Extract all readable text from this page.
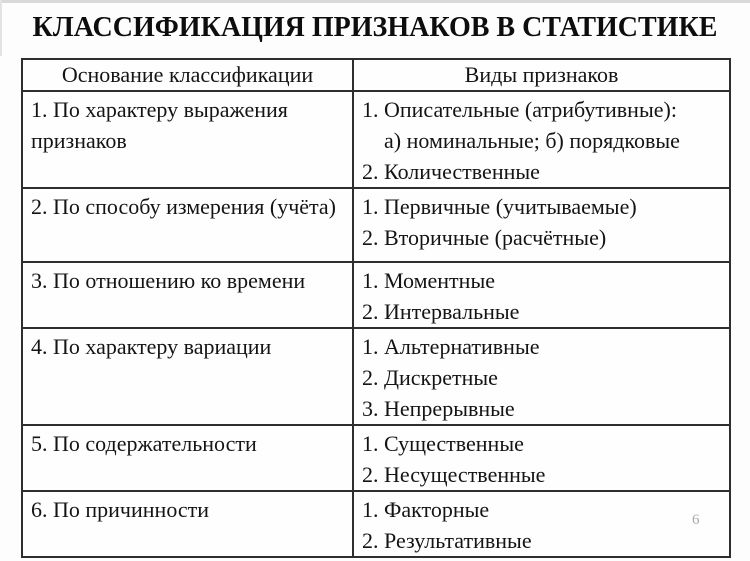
КЛАССИФИКАЦИЯ ПРИЗНАКОВ В СТАТИСТИКЕ
Основание классификации	Виды признаков
1. По характеру выражения признаков	1. Описательные (атрибутивные):
а) номинальные; б) порядковые
2. Количественные

2. По способу измерения (учёта)	1. Первичные (учитываемые)
2. Вторичные (расчётные)

3. По отношению ко времени	1. Моментные
2. Интервальные

4. По характеру вариации	1. Альтернативные
2. Дискретные
3. Непрерывные

5. По содержательности	1. Существенные
2. Несущественные

6. По причинности	1. Факторные
2. Результативные
6
